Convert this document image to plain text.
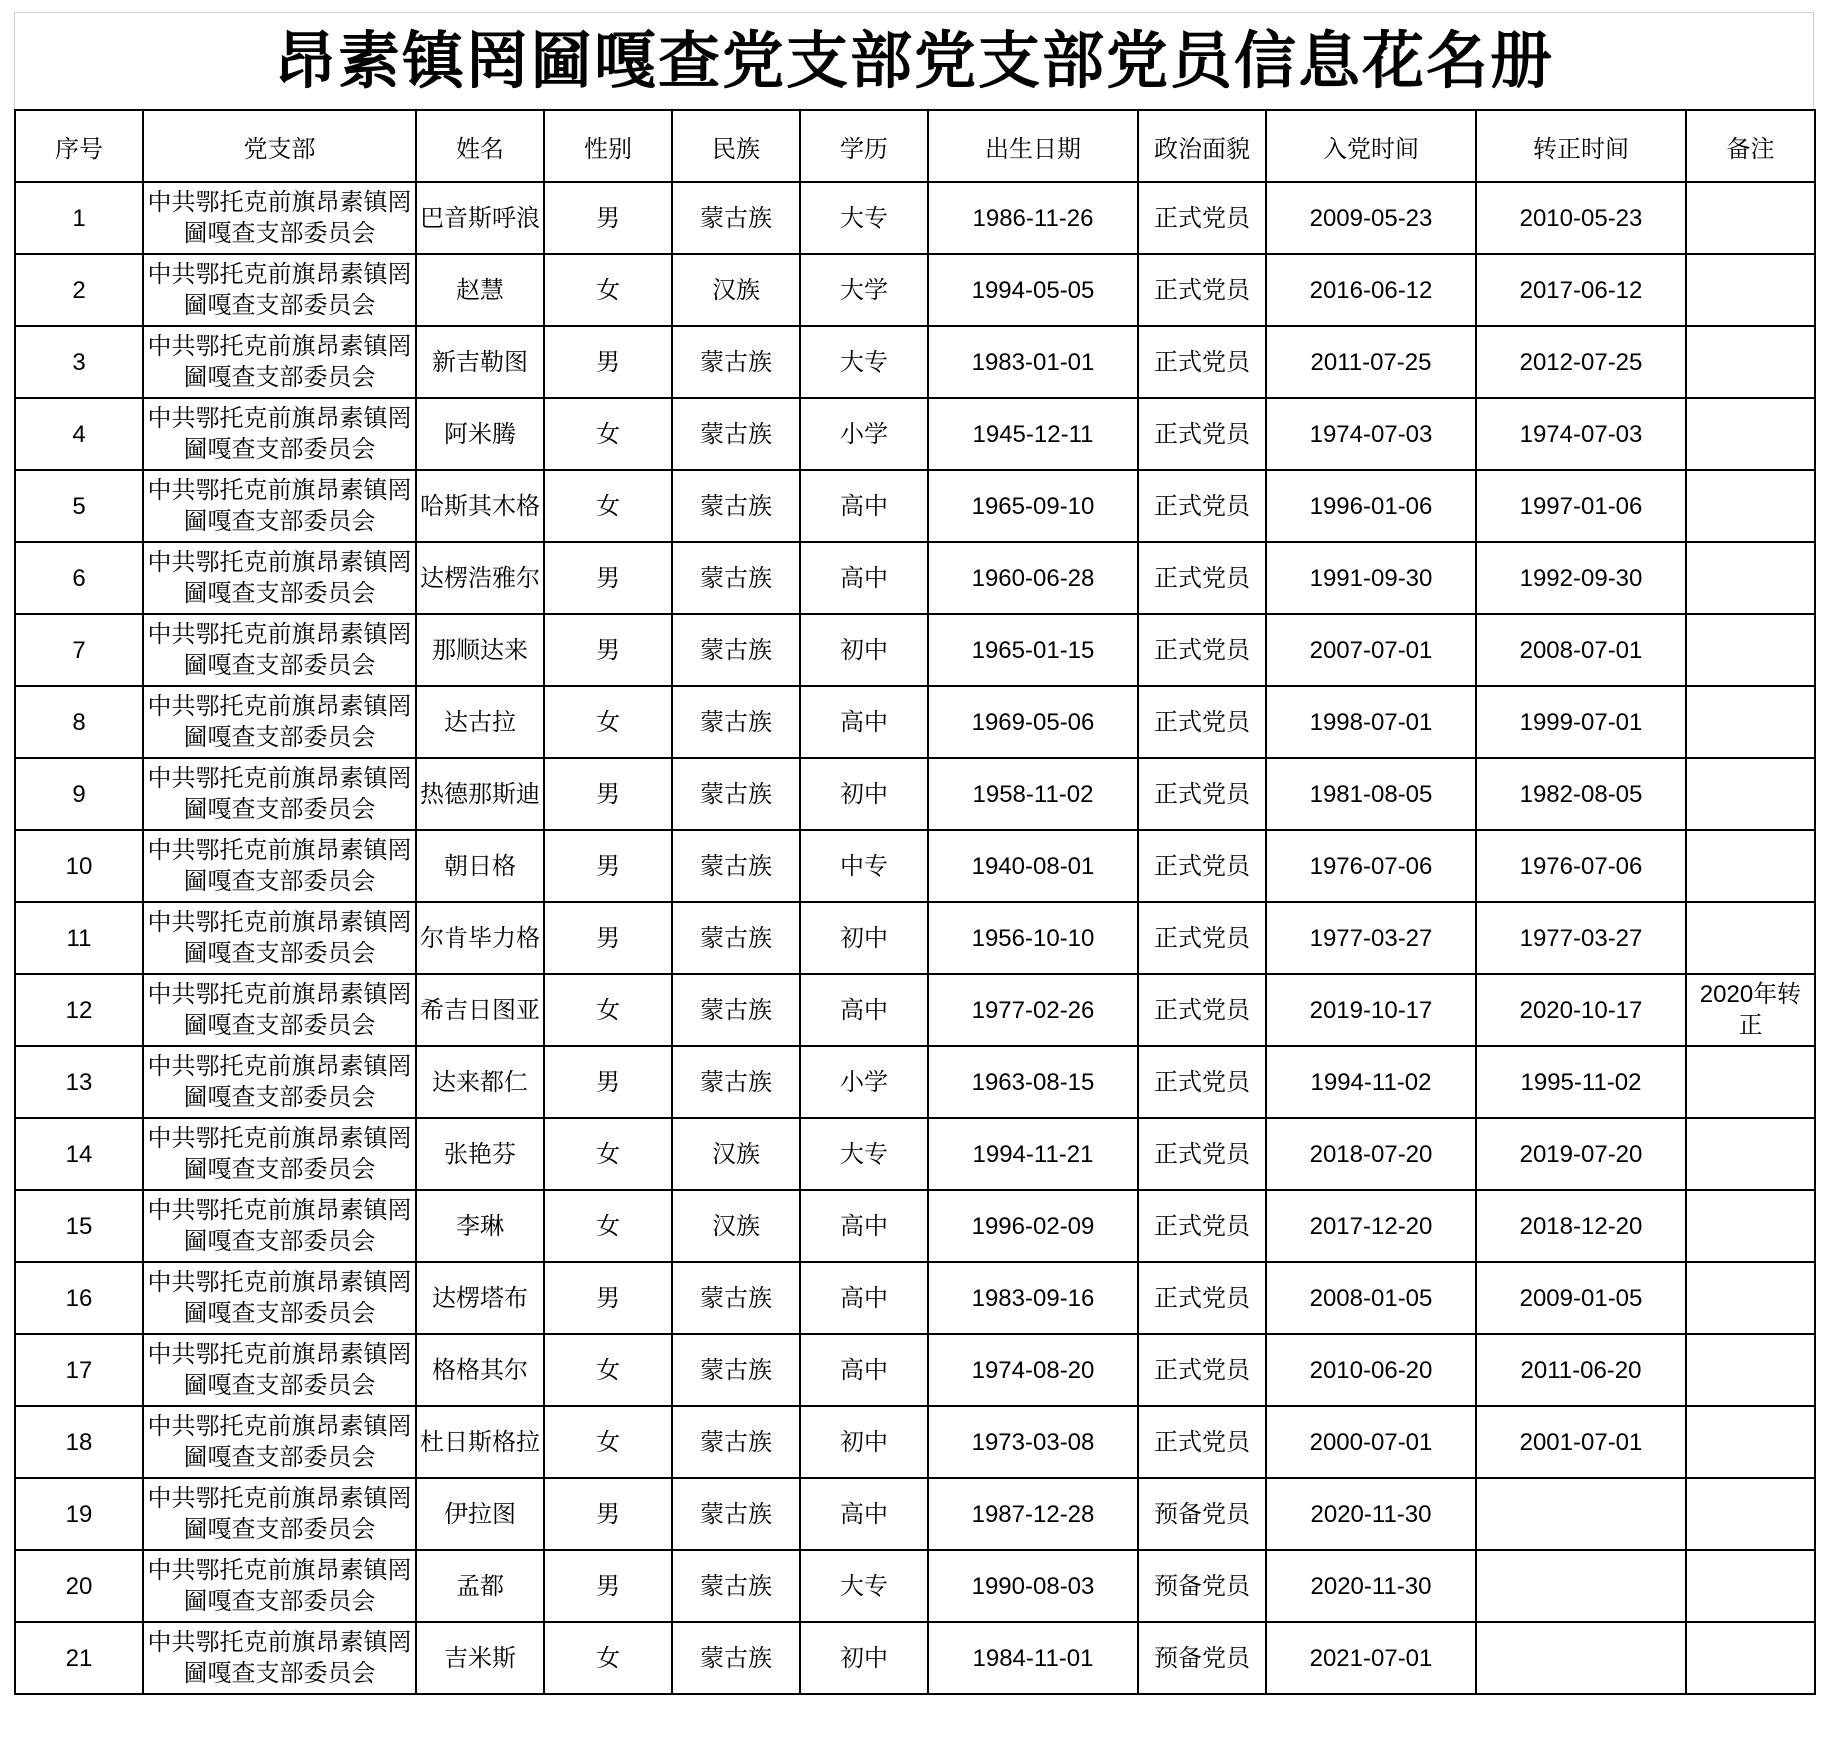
昂素镇罔圙嘎查党支部党支部党员信息花名册
序号	党支部	姓名	性别	民族	学历	出生日期	政治面貌	入党时间	转正时间	备注
1	中共鄂托克前旗昂素镇罔圙嘎查支部委员会	巴音斯呼浪	男	蒙古族	大专	1986-11-26	正式党员	2009-05-23	2010-05-23	
2	中共鄂托克前旗昂素镇罔圙嘎查支部委员会	赵慧	女	汉族	大学	1994-05-05	正式党员	2016-06-12	2017-06-12	
3	中共鄂托克前旗昂素镇罔圙嘎查支部委员会	新吉勒图	男	蒙古族	大专	1983-01-01	正式党员	2011-07-25	2012-07-25	
4	中共鄂托克前旗昂素镇罔圙嘎查支部委员会	阿米腾	女	蒙古族	小学	1945-12-11	正式党员	1974-07-03	1974-07-03	
5	中共鄂托克前旗昂素镇罔圙嘎查支部委员会	哈斯其木格	女	蒙古族	高中	1965-09-10	正式党员	1996-01-06	1997-01-06	
6	中共鄂托克前旗昂素镇罔圙嘎查支部委员会	达楞浩雅尔	男	蒙古族	高中	1960-06-28	正式党员	1991-09-30	1992-09-30	
7	中共鄂托克前旗昂素镇罔圙嘎查支部委员会	那顺达来	男	蒙古族	初中	1965-01-15	正式党员	2007-07-01	2008-07-01	
8	中共鄂托克前旗昂素镇罔圙嘎查支部委员会	达古拉	女	蒙古族	高中	1969-05-06	正式党员	1998-07-01	1999-07-01	
9	中共鄂托克前旗昂素镇罔圙嘎查支部委员会	热德那斯迪	男	蒙古族	初中	1958-11-02	正式党员	1981-08-05	1982-08-05	
10	中共鄂托克前旗昂素镇罔圙嘎查支部委员会	朝日格	男	蒙古族	中专	1940-08-01	正式党员	1976-07-06	1976-07-06	
11	中共鄂托克前旗昂素镇罔圙嘎查支部委员会	尔肯毕力格	男	蒙古族	初中	1956-10-10	正式党员	1977-03-27	1977-03-27	
12	中共鄂托克前旗昂素镇罔圙嘎查支部委员会	希吉日图亚	女	蒙古族	高中	1977-02-26	正式党员	2019-10-17	2020-10-17	2020年转正
13	中共鄂托克前旗昂素镇罔圙嘎查支部委员会	达来都仁	男	蒙古族	小学	1963-08-15	正式党员	1994-11-02	1995-11-02	
14	中共鄂托克前旗昂素镇罔圙嘎查支部委员会	张艳芬	女	汉族	大专	1994-11-21	正式党员	2018-07-20	2019-07-20	
15	中共鄂托克前旗昂素镇罔圙嘎查支部委员会	李琳	女	汉族	高中	1996-02-09	正式党员	2017-12-20	2018-12-20	
16	中共鄂托克前旗昂素镇罔圙嘎查支部委员会	达楞塔布	男	蒙古族	高中	1983-09-16	正式党员	2008-01-05	2009-01-05	
17	中共鄂托克前旗昂素镇罔圙嘎查支部委员会	格格其尔	女	蒙古族	高中	1974-08-20	正式党员	2010-06-20	2011-06-20	
18	中共鄂托克前旗昂素镇罔圙嘎查支部委员会	杜日斯格拉	女	蒙古族	初中	1973-03-08	正式党员	2000-07-01	2001-07-01	
19	中共鄂托克前旗昂素镇罔圙嘎查支部委员会	伊拉图	男	蒙古族	高中	1987-12-28	预备党员	2020-11-30		
20	中共鄂托克前旗昂素镇罔圙嘎查支部委员会	孟都	男	蒙古族	大专	1990-08-03	预备党员	2020-11-30		
21	中共鄂托克前旗昂素镇罔圙嘎查支部委员会	吉米斯	女	蒙古族	初中	1984-11-01	预备党员	2021-07-01		
